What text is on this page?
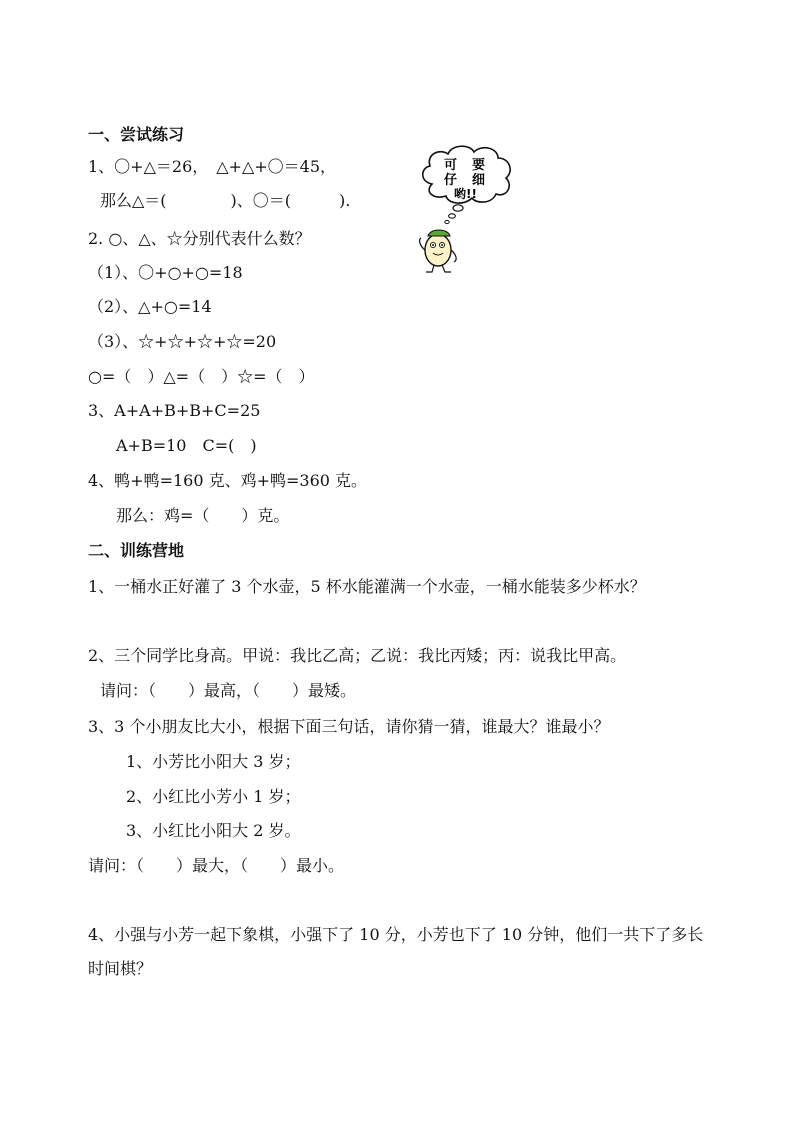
一、尝试练习
1、〇+△＝26，　△+△+〇＝45，
那么△＝(　　　　)、〇＝(　　　).
2. ○、△、☆分别代表什么数？
（1）、〇+○+○=18
（2）、△+○=14
（3）、☆+☆+☆+☆=20
○=（　）△=（　）☆=（　）
3、A+A+B+B+C=25
A+B=10　C=(　)
4、鸭+鸭=160 克、鸡+鸭=360 克。
那么：鸡=（　　）克。
可 要
仔 细
哟!!
二、训练营地
1、一桶水正好灌了 3 个水壶，5 杯水能灌满一个水壶，一桶水能装多少杯水？
2、三个同学比身高。甲说：我比乙高；乙说：我比丙矮；丙：说我比甲高。
请问：（　　）最高，（　　）最矮。
3、3 个小朋友比大小，根据下面三句话，请你猜一猜，谁最大？谁最小？
1、小芳比小阳大 3 岁；
2、小红比小芳小 1 岁；
3、小红比小阳大 2 岁。
请问：（　　）最大，（　　）最小。
4、小强与小芳一起下象棋，小强下了 10 分，小芳也下了 10 分钟，他们一共下了多长
时间棋？
